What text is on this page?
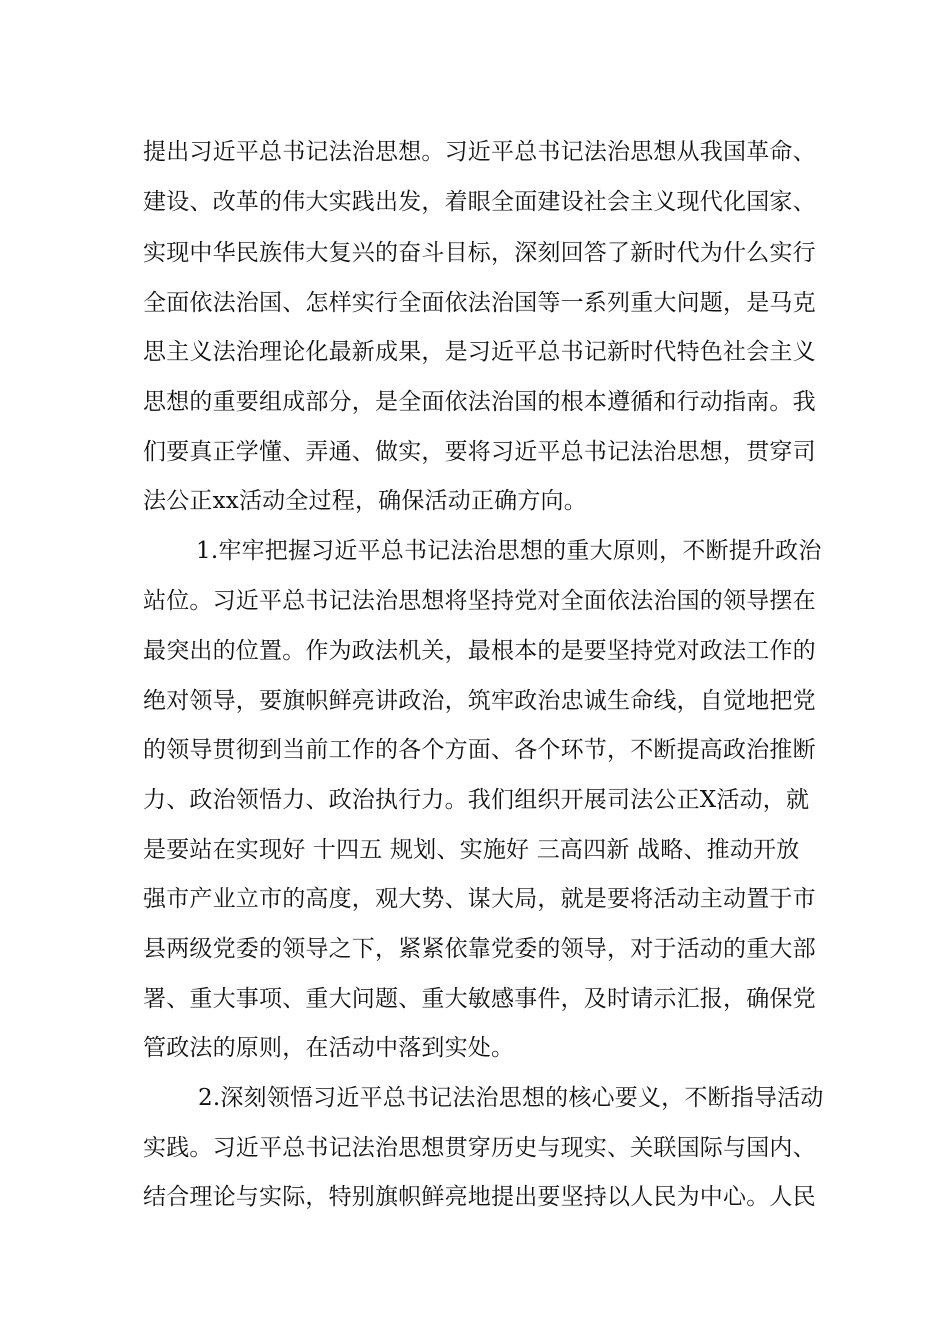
提出习近平总书记法治思想。习近平总书记法治思想从我国革命、
建设、改革的伟大实践出发，着眼全面建设社会主义现代化国家、
实现中华民族伟大复兴的奋斗目标，深刻回答了新时代为什么实行
全面依法治国、怎样实行全面依法治国等一系列重大问题，是马克
思主义法治理论化最新成果，是习近平总书记新时代特色社会主义
思想的重要组成部分，是全面依法治国的根本遵循和行动指南。我
们要真正学懂、弄通、做实，要将习近平总书记法治思想，贯穿司
法公正xx活动全过程，确保活动正确方向。
1.牢牢把握习近平总书记法治思想的重大原则，不断提升政治
站位。习近平总书记法治思想将坚持党对全面依法治国的领导摆在
最突出的位置。作为政法机关，最根本的是要坚持党对政法工作的
绝对领导，要旗帜鲜亮讲政治，筑牢政治忠诚生命线，自觉地把党
的领导贯彻到当前工作的各个方面、各个环节，不断提高政治推断
力、政治领悟力、政治执行力。我们组织开展司法公正X活动，就
是要站在实现好 十四五 规划、实施好 三高四新 战略、推动开放
强市产业立市的高度，观大势、谋大局，就是要将活动主动置于市
县两级党委的领导之下，紧紧依靠党委的领导，对于活动的重大部
署、重大事项、重大问题、重大敏感事件，及时请示汇报，确保党
管政法的原则，在活动中落到实处。
2.深刻领悟习近平总书记法治思想的核心要义，不断指导活动
实践。习近平总书记法治思想贯穿历史与现实、关联国际与国内、
结合理论与实际，特别旗帜鲜亮地提出要坚持以人民为中心。人民
